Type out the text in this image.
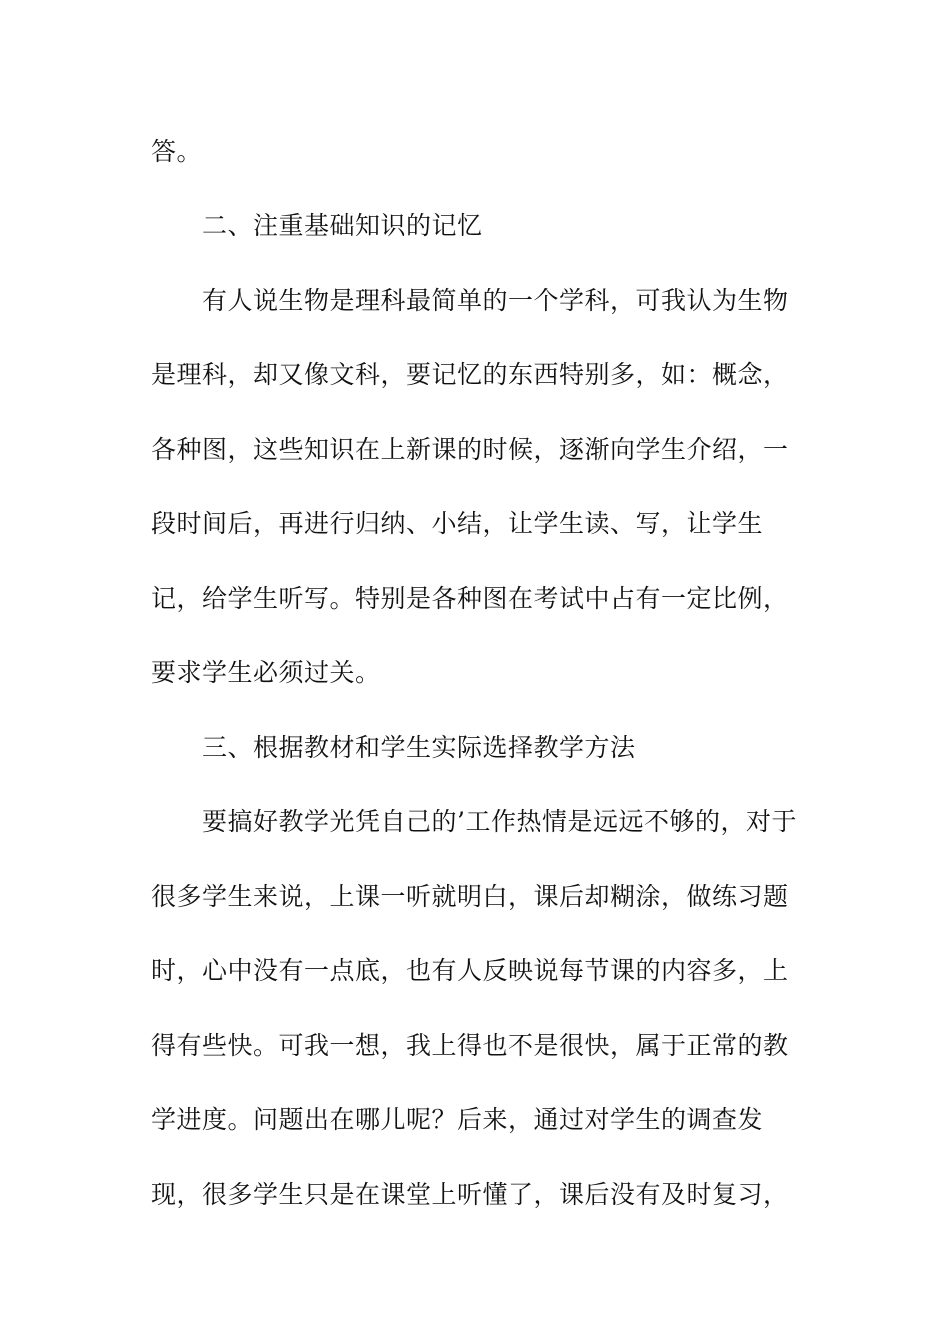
答。
二、注重基础知识的记忆
有人说生物是理科最简单的一个学科，可我认为生物
是理科，却又像文科，要记忆的东西特别多，如：概念，
各种图，这些知识在上新课的时候，逐渐向学生介绍，一
段时间后，再进行归纳、小结，让学生读、写，让学生
记，给学生听写。特别是各种图在考试中占有一定比例，
要求学生必须过关。
三、根据教材和学生实际选择教学方法
要搞好教学光凭自己的’工作热情是远远不够的，对于
很多学生来说，上课一听就明白，课后却糊涂，做练习题
时，心中没有一点底，也有人反映说每节课的内容多，上
得有些快。可我一想，我上得也不是很快，属于正常的教
学进度。问题出在哪儿呢？后来，通过对学生的调查发
现，很多学生只是在课堂上听懂了，课后没有及时复习，
